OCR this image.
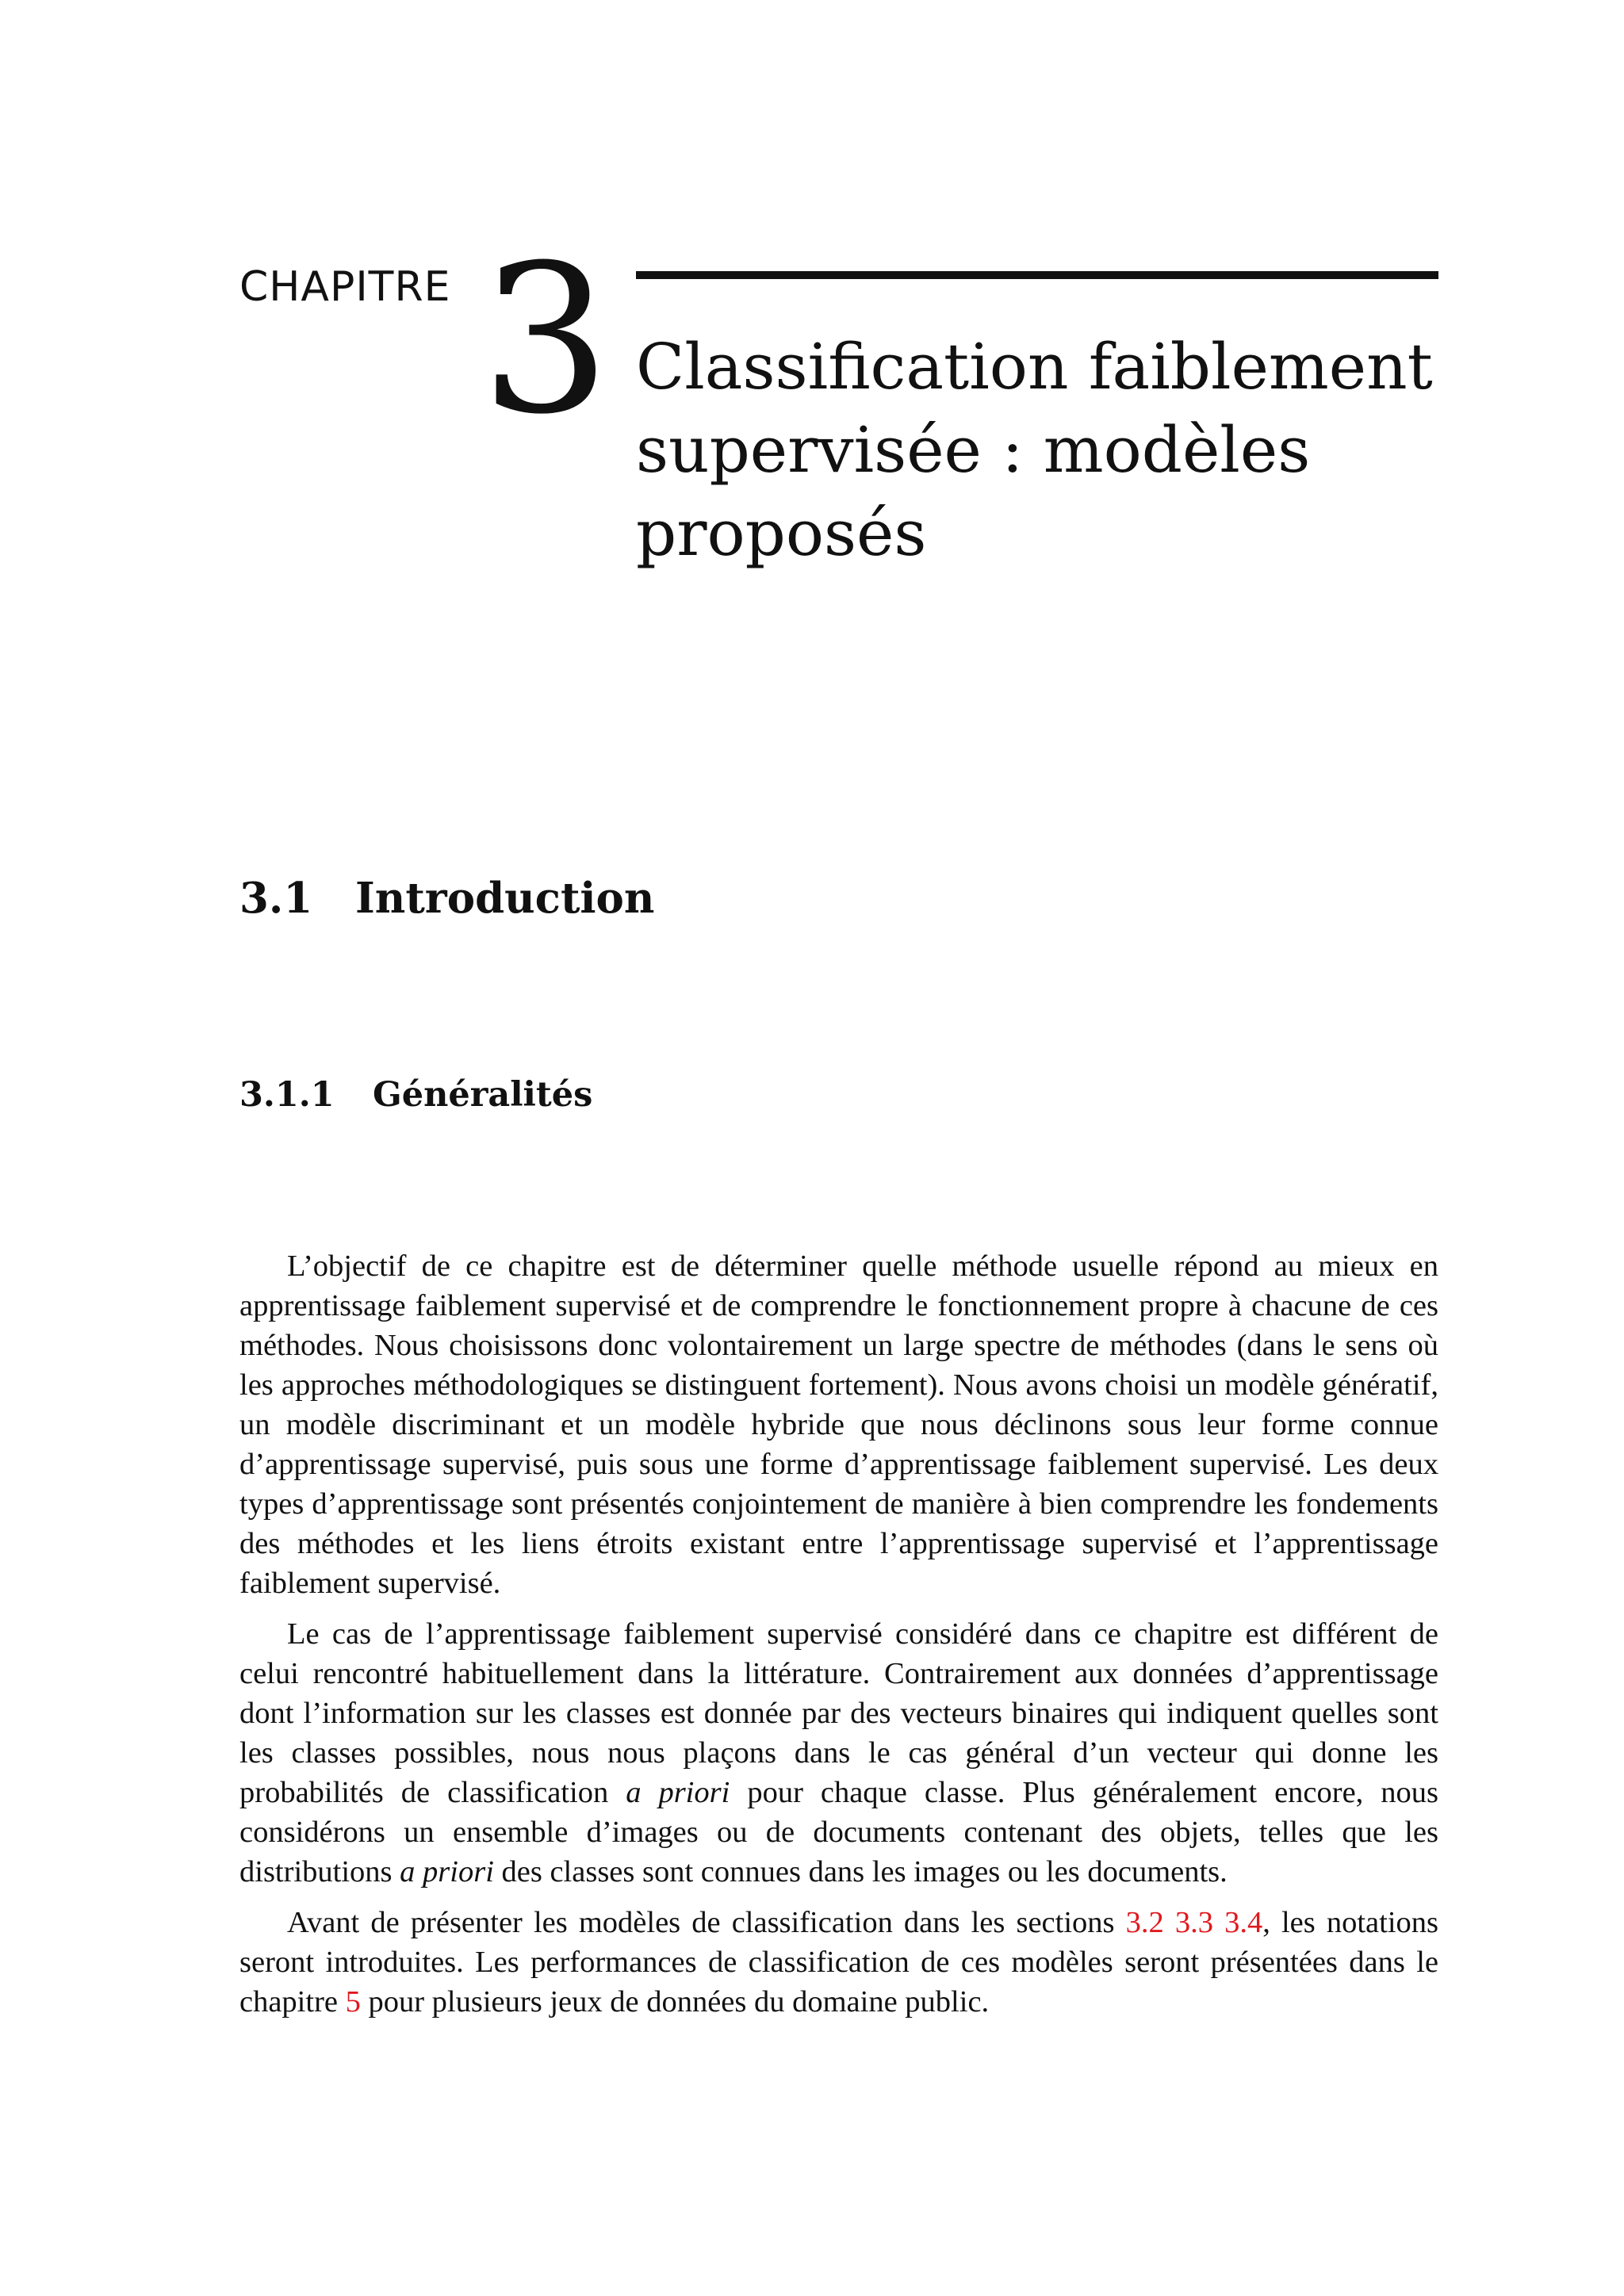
CHAPITRE 3 Classification faiblement supervisée : modèles proposés
3.1 Introduction
3.1.1 Généralités

L’objectif de ce chapitre est de déterminer quelle méthode usuelle répond au mieux en apprentissage faiblement supervisé et de comprendre le fonctionnement propre à chacune de ces méthodes. Nous choisissons donc volontairement un large spectre de méthodes (dans le sens où les approches méthodologiques se distinguent fortement). Nous avons choisi un modèle génératif, un modèle discriminant et un modèle hybride que nous déclinons sous leur forme connue d’apprentissage supervisé, puis sous une forme d’apprentissage faiblement supervisé. Les deux types d’apprentissage sont présentés conjointement de manière à bien comprendre les fondements des méthodes et les liens étroits existant entre l’apprentissage supervisé et l’apprentissage faiblement supervisé.

Le cas de l’apprentissage faiblement supervisé considéré dans ce chapitre est différent de celui rencontré habituellement dans la littérature. Contrairement aux données d’apprentissage dont l’information sur les classes est donnée par des vecteurs binaires qui indiquent quelles sont les classes possibles, nous nous plaçons dans le cas général d’un vecteur qui donne les probabilités de classification a priori pour chaque classe. Plus généralement encore, nous considérons un ensemble d’images ou de documents contenant des objets, telles que les distributions a priori des classes sont connues dans les images ou les documents.

Avant de présenter les modèles de classification dans les sections 3.2 3.3 3.4, les notations seront introduites. Les performances de classification de ces modèles seront présentées dans le chapitre 5 pour plusieurs jeux de données du domaine public.
